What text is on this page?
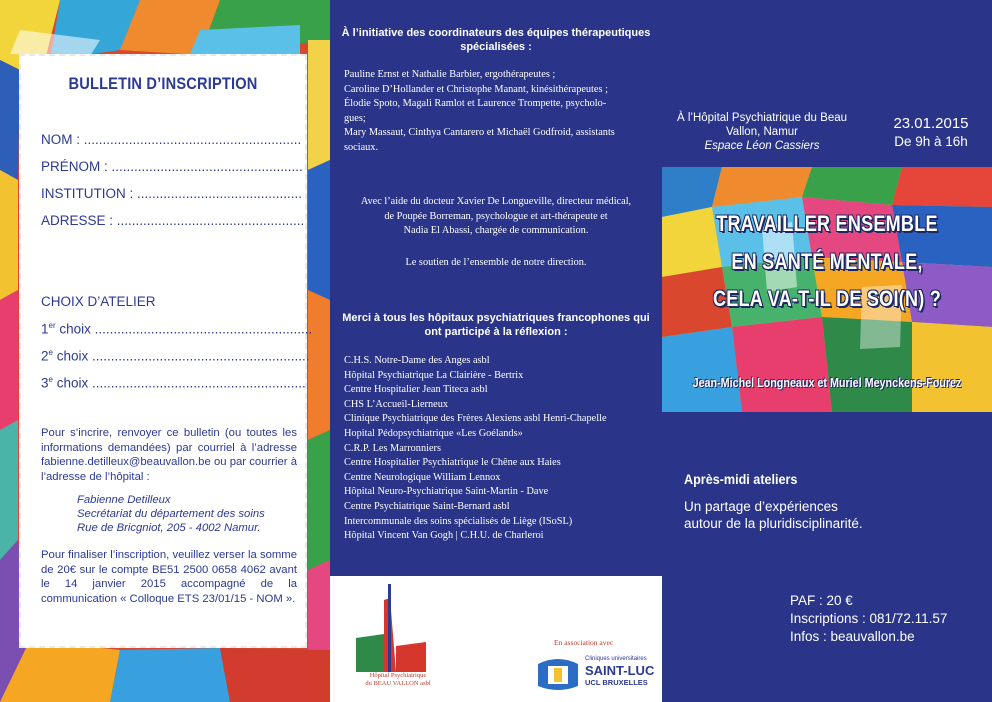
BULLETIN D’INSCRIPTION
NOM : ..........................................................
PRÉNOM : ...................................................
INSTITUTION : ............................................
ADRESSE : ..................................................
CHOIX D’ATELIER
1er choix ..........................................................
2e choix ..........................................................
3e choix .........................................................
Pour s’incrire, renvoyer ce bulletin (ou toutes les informations demandées) par courriel à l’adresse fabienne.detilleux@beauvallon.be ou par courrier à l’adresse de l’hôpital :
Fabienne Detilleux
Secrétariat du département des soins
Rue de Bricgniot, 205 - 4002 Namur.
Pour finaliser l’inscription, veuillez verser la somme de 20€ sur le compte BE51 2500 0658 4062 avant le 14 janvier 2015 accompagné de la communication « Colloque ETS 23/01/15 - NOM ».
À l’initiative des coordinateurs des équipes thérapeutiques spécialisées :
Pauline Ernst et Nathalie Barbier, ergothérapeutes ;
Caroline D’Hollander et Christophe Manant, kinésithérapeutes ;
Élodie Spoto, Magali Ramlot et Laurence Trompette, psycholo-
gues;
Mary Massaut, Cinthya Cantarero et Michaël Godfroid, assistants
sociaux.
Avec l’aide du docteur Xavier De Longueville, directeur médical,
de Poupée Borreman, psychologue et art-thérapeute et
Nadia El Abassi, chargée de communication.
Le soutien de l’ensemble de notre direction.
Merci à tous les hôpitaux psychiatriques francophones qui ont participé à la réflexion :
C.H.S. Notre-Dame des Anges asbl
Hôpital Psychiatrique La Clairière - Bertrix
Centre Hospitalier Jean Titeca asbl
CHS L’Accueil-Lierneux
Clinique Psychiatrique des Frères Alexiens asbl Henri-Chapelle
Hopital Pédopsychiatrique «Les Goélands»
C.R.P. Les Marronniers
Centre Hospitalier Psychiatrique le Chêne aux Haies
Centre Neurologique William Lennox
Hôpital Neuro-Psychiatrique Saint-Martin - Dave
Centre Psychiatrique Saint-Bernard asbl
Intercommunale des soins spécialisés de Liège (ISoSL)
Hôpital Vincent Van Gogh | C.H.U. de Charleroi
Hôpital Psychiatrique
du BEAU VALLON asbl
En association avec
Cliniques universitaires
SAINT-LUC
UCL BRUXELLES
À l’Hôpital Psychiatrique du Beau
Vallon, Namur
Espace Léon Cassiers
23.01.2015
De 9h à 16h
TRAVAILLER ENSEMBLE
EN SANTÉ MENTALE,
CELA VA-T-IL DE SOI(N) ?
Jean-Michel Longneaux et Muriel Meynckens-Fourez
Après-midi ateliers
Un partage d’expériences
autour de la pluridisciplinarité.
PAF : 20 €
Inscriptions : 081/72.11.57
Infos : beauvallon.be
